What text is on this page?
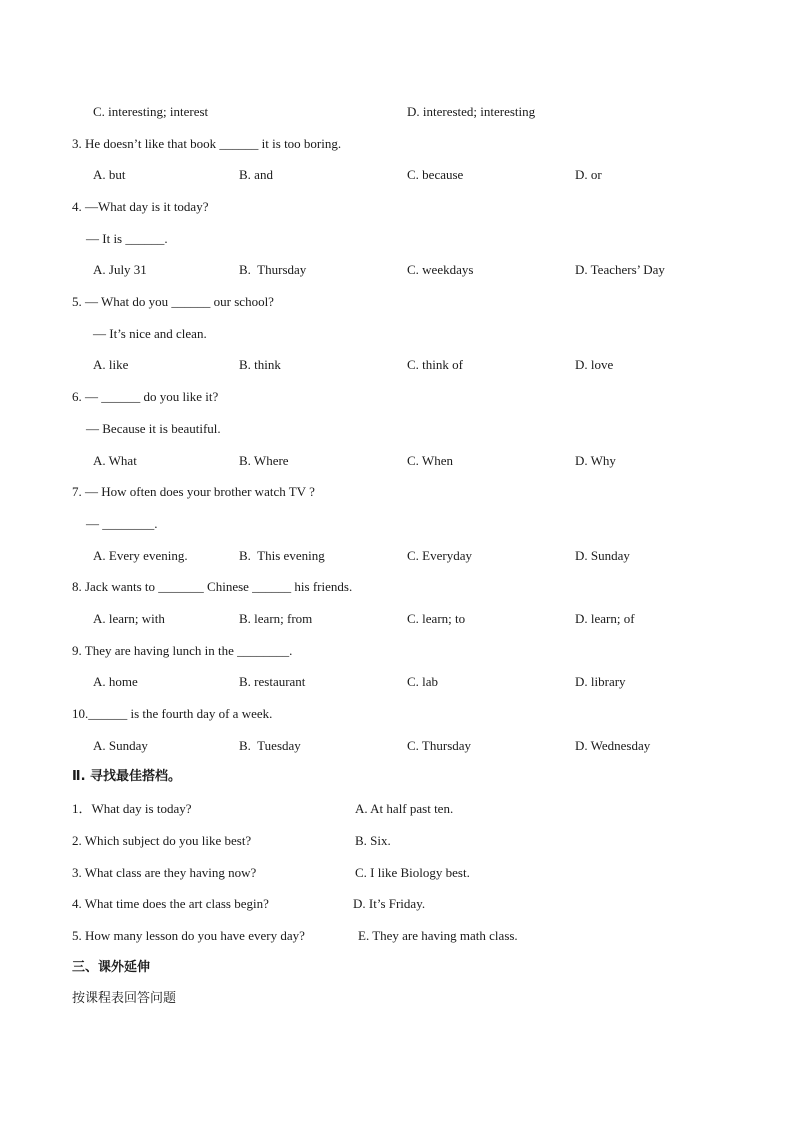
C. interesting; interest	D. interested; interesting
3. He doesn’t like that book ______ it is too boring.
A. but	B. and	C. because	D. or
4. —What day is it today?
— It is ______.
A. July 31	B.  Thursday	C. weekdays	D. Teachers’ Day
5. — What do you ______ our school?
— It’s nice and clean.
A. like	B. think	C. think of	D. love
6. — ______ do you like it?
— Because it is beautiful.
A. What	B. Where	C. When	D. Why
7. — How often does your brother watch TV ?
— ________.
A. Every evening.	B.  This evening	C. Everyday	D. Sunday
8. Jack wants to _______ Chinese ______ his friends.
A. learn; with	B. learn; from	C. learn; to	D. learn; of
9. They are having lunch in the ________.
A. home	B. restaurant	C. lab	D. library
10.______ is the fourth day of a week.
A. Sunday	B.  Tuesday	C. Thursday	D. Wednesday
Ⅱ. 寻找最佳搭档。
1．What day is today?	A. At half past ten.
2. Which subject do you like best?	B. Six.
3. What class are they having now?	C. I like Biology best.
4. What time does the art class begin?	D. It’s Friday.
5. How many lesson do you have every day?	E. They are having math class.
三、课外延伸
按课程表回答问题
